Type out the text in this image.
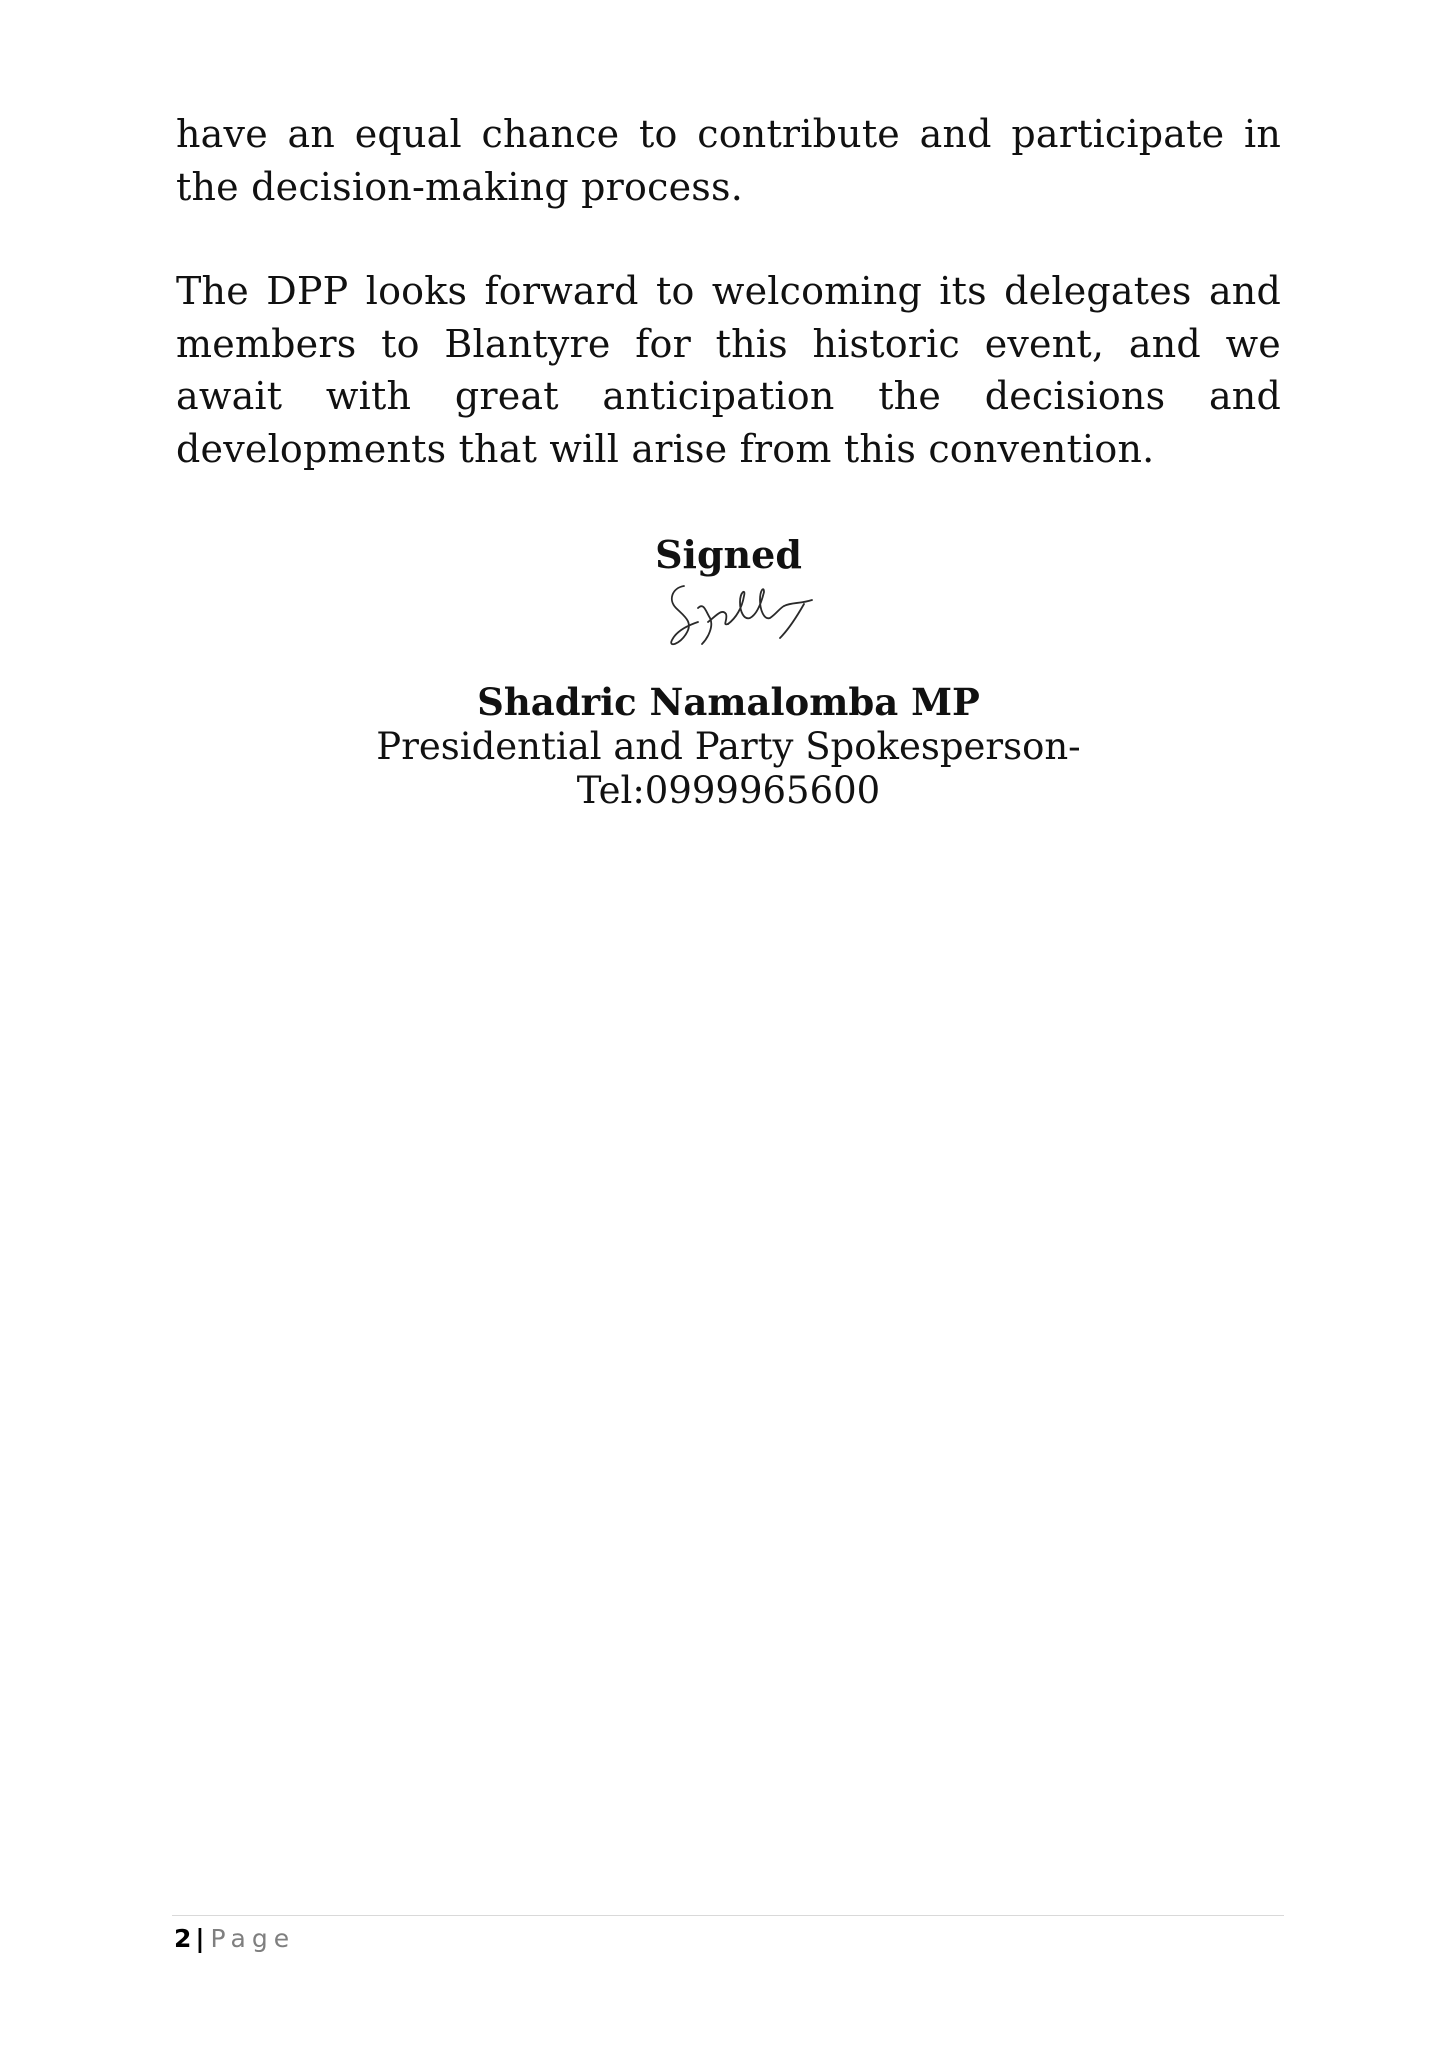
have an equal chance to contribute and participate in the decision-making process.

The DPP looks forward to welcoming its delegates and members to Blantyre for this historic event, and we await with great anticipation the decisions and developments that will arise from this convention.

Signed
Shadric Namalomba MP
Presidential and Party Spokesperson-
Tel:0999965600
2 | Page
